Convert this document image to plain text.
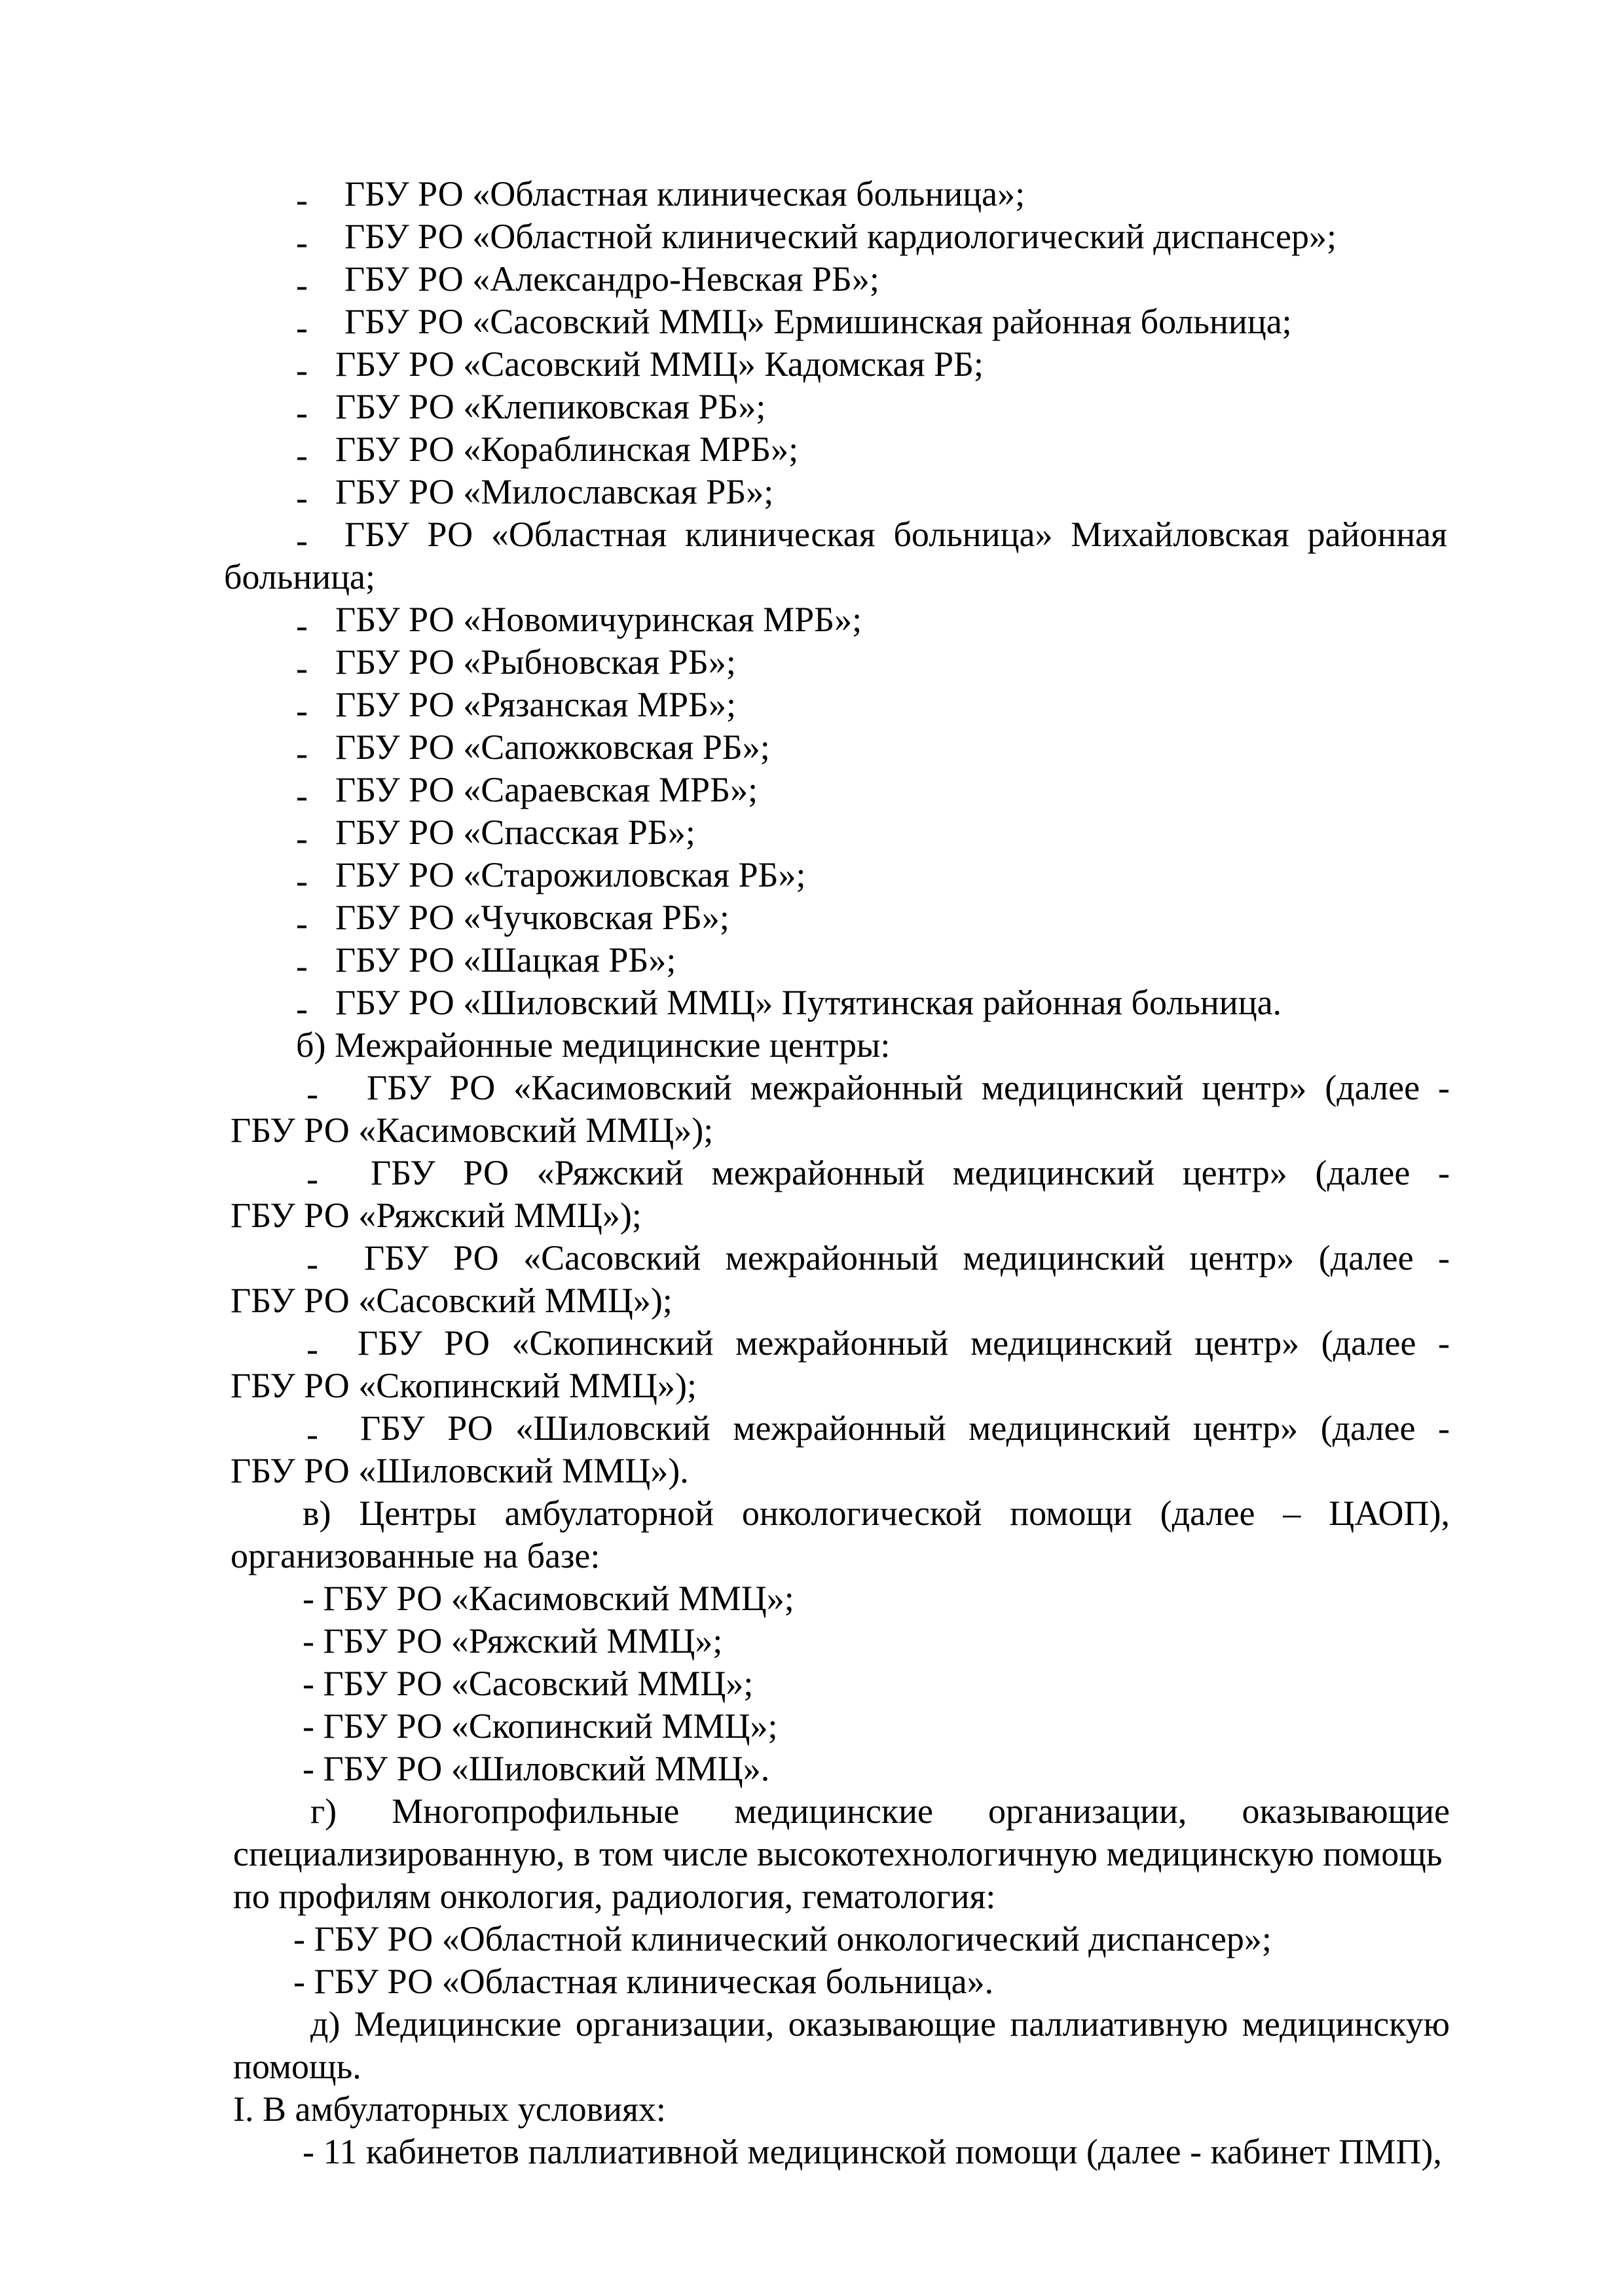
- ГБУ РО «Областная клиническая больница»;
- ГБУ РО «Областной клинический кардиологический диспансер»;
- ГБУ РО «Александро-Невская РБ»;
- ГБУ РО «Сасовский ММЦ» Ермишинская районная больница;
- ГБУ РО «Сасовский ММЦ» Кадомская РБ;
- ГБУ РО «Клепиковская РБ»;
- ГБУ РО «Кораблинская МРБ»;
- ГБУ РО «Милославская РБ»;
- ГБУ РО «Областная клиническая больница» Михайловская районная
больница;
- ГБУ РО «Новомичуринская МРБ»;
- ГБУ РО «Рыбновская РБ»;
- ГБУ РО «Рязанская МРБ»;
- ГБУ РО «Сапожковская РБ»;
- ГБУ РО «Сараевская МРБ»;
- ГБУ РО «Спасская РБ»;
- ГБУ РО «Старожиловская РБ»;
- ГБУ РО «Чучковская РБ»;
- ГБУ РО «Шацкая РБ»;
- ГБУ РО «Шиловский ММЦ» Путятинская районная больница.
б) Межрайонные медицинские центры:
- ГБУ РО «Касимовский межрайонный медицинский центр» (далее -
ГБУ РО «Касимовский ММЦ»);
- ГБУ РО «Ряжский межрайонный медицинский центр» (далее -
ГБУ РО «Ряжский ММЦ»);
- ГБУ РО «Сасовский межрайонный медицинский центр» (далее -
ГБУ РО «Сасовский ММЦ»);
- ГБУ РО «Скопинский межрайонный медицинский центр» (далее -
ГБУ РО «Скопинский ММЦ»);
- ГБУ РО «Шиловский межрайонный медицинский центр» (далее -
ГБУ РО «Шиловский ММЦ»).
в) Центры амбулаторной онкологической помощи (далее – ЦАОП),
организованные на базе:
- ГБУ РО «Касимовский ММЦ»;
- ГБУ РО «Ряжский ММЦ»;
- ГБУ РО «Сасовский ММЦ»;
- ГБУ РО «Скопинский ММЦ»;
- ГБУ РО «Шиловский ММЦ».
г) Многопрофильные медицинские организации, оказывающие
специализированную, в том числе высокотехнологичную медицинскую помощь
по профилям онкология, радиология, гематология:
- ГБУ РО «Областной клинический онкологический диспансер»;
- ГБУ РО «Областная клиническая больница».
д) Медицинские организации, оказывающие паллиативную медицинскую
помощь.
I. В амбулаторных условиях:
- 11 кабинетов паллиативной медицинской помощи (далее - кабинет ПМП),
